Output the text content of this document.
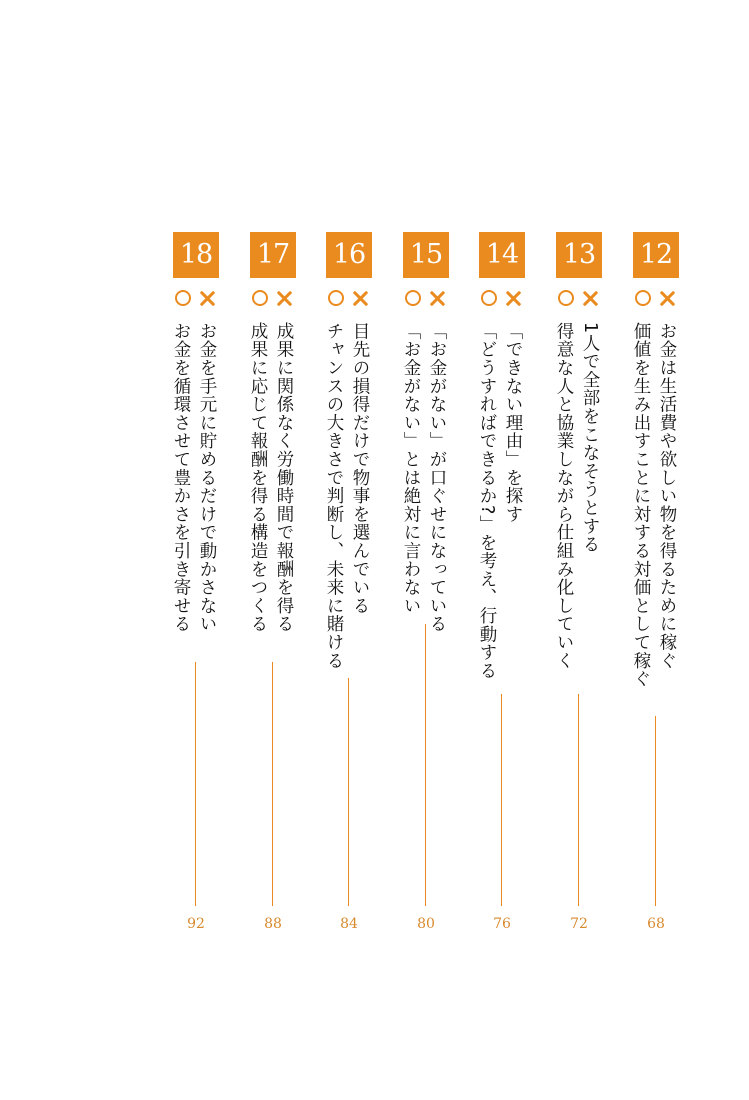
12
お金は生活費や欲しい物を得るために稼ぐ
価値を生み出すことに対する対価として稼ぐ
68
13
1人で全部をこなそうとする
得意な人と協業しながら仕組み化していく
72
14
「できない理由」を探す
「どうすればできるか?」を考え、行動する
76
15
「お金がない」が口ぐせになっている
「お金がない」とは絶対に言わない
80
16
目先の損得だけで物事を選んでいる
チャンスの大きさで判断し、未来に賭ける
84
17
成果に関係なく労働時間で報酬を得る
成果に応じて報酬を得る構造をつくる
88
18
お金を手元に貯めるだけで動かさない
お金を循環させて豊かさを引き寄せる
92
